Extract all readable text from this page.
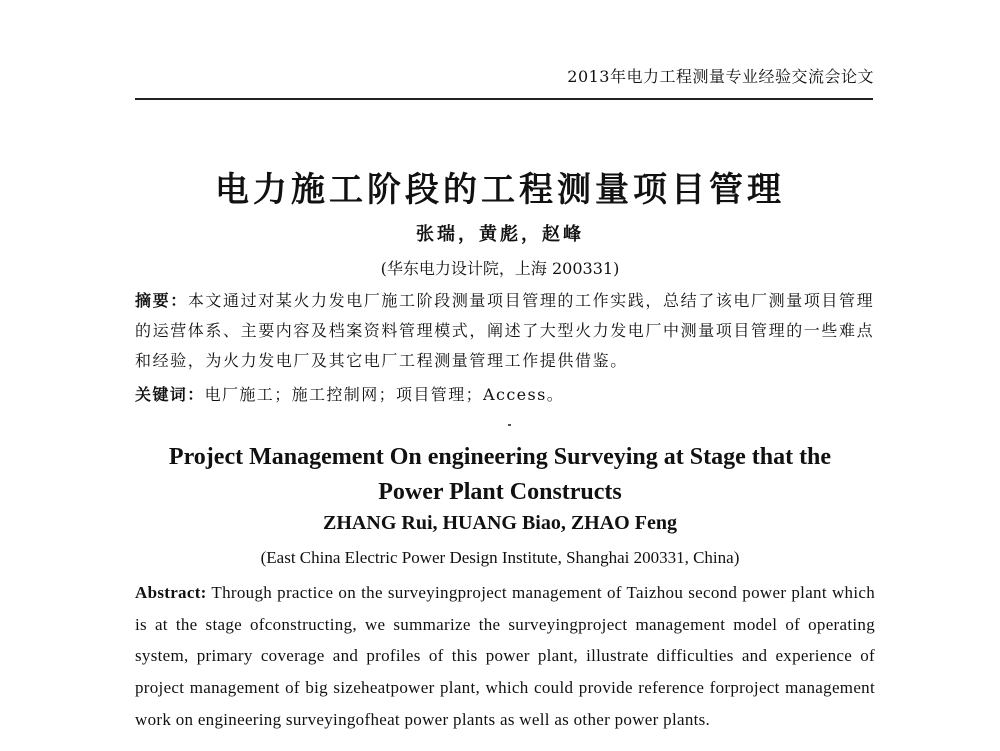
2013年电力工程测量专业经验交流会论文
电力施工阶段的工程测量项目管理
张瑞，黄彪，赵峰
(华东电力设计院，上海 200331)
摘要：本文通过对某火力发电厂施工阶段测量项目管理的工作实践，总结了该电厂测量项目管理的运营体系、主要内容及档案资料管理模式，阐述了大型火力发电厂中测量项目管理的一些难点和经验，为火力发电厂及其它电厂工程测量管理工作提供借鉴。
关键词：电厂施工；施工控制网；项目管理；Access。
Project Management On engineering Surveying at Stage that the
Power Plant Constructs
ZHANG Rui, HUANG Biao, ZHAO Feng
(East China Electric Power Design Institute, Shanghai 200331, China)
Abstract: Through practice on the surveyingproject management of Taizhou second power plant which is at the stage ofconstructing, we summarize the surveyingproject management model of operating system, primary coverage and profiles of this power plant, illustrate difficulties and experience of project management of big sizeheatpower plant, which could provide reference forproject management work on engineering surveyingofheat power plants as well as other power plants.
